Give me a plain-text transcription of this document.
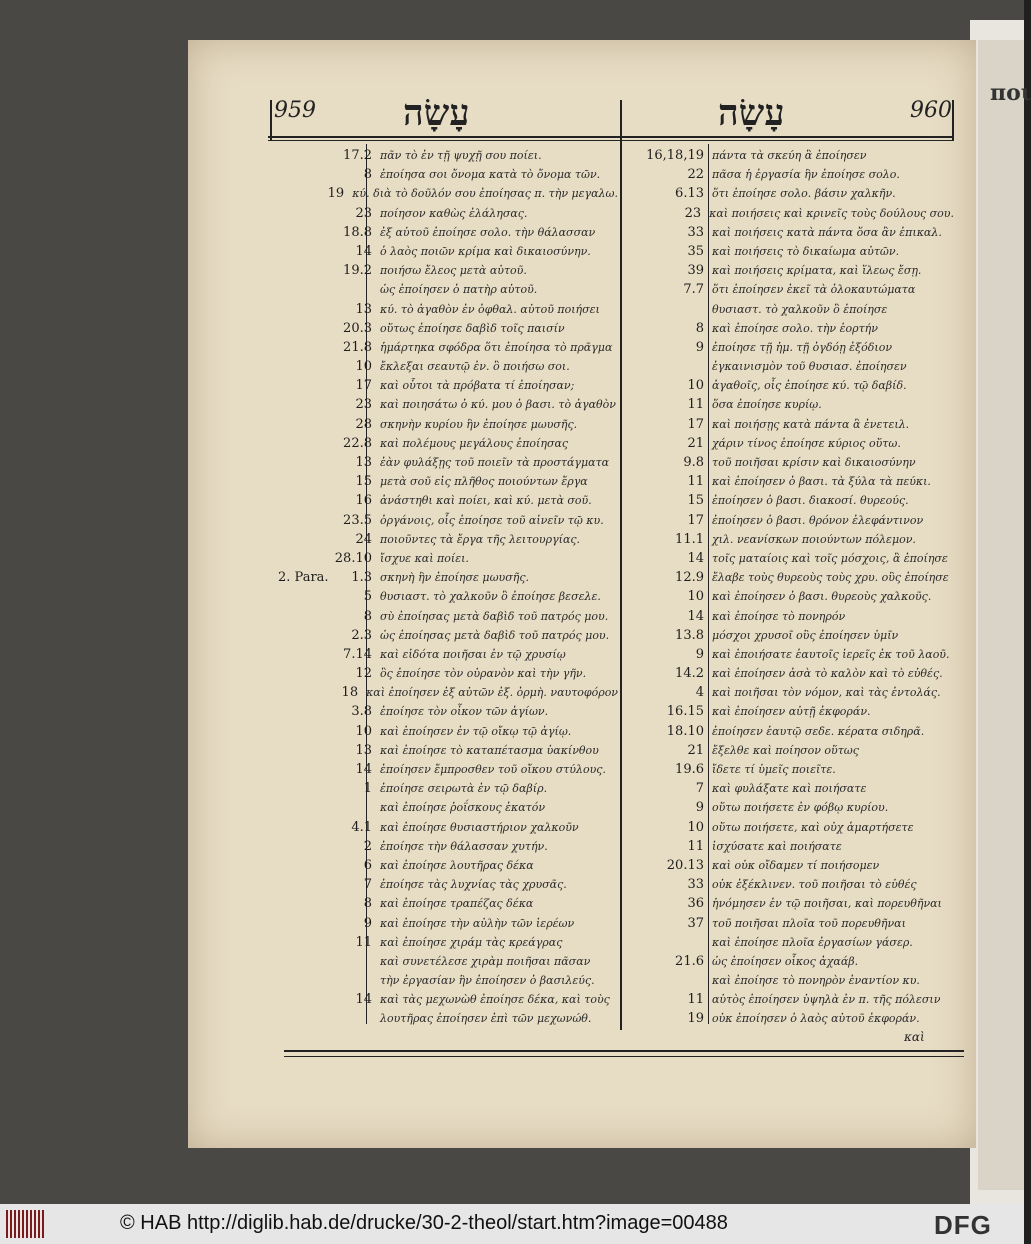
ποι
959 עָשָׂה	עָשָׂה	960
17.2 πᾶν τὸ ἐν τῇ ψυχῇ σου ποίει.
8 ἐποίησα σοι ὄνομα κατὰ τὸ ὄνομα τῶν.
19 κύ. διὰ τὸ δοῦλόν σου ἐποίησας π. τὴν μεγαλω.
23 ποίησον καθὼς ἐλάλησας.
18.8 ἐξ αὐτοῦ ἐποίησε σολο. τὴν θάλασσαν
14 ὁ λαὸς ποιῶν κρίμα καὶ δικαιοσύνην.
19.2 ποιήσω ἔλεος μετὰ αὐτοῦ.
ὡς ἐποίησεν ὁ πατὴρ αὐτοῦ.
13 κύ. τὸ ἀγαθὸν ἐν ὀφθαλ. αὐτοῦ ποιήσει
20.3 οὕτως ἐποίησε δαβὶδ τοῖς παισίν
21.8 ἡμάρτηκα σφόδρα ὅτι ἐποίησα τὸ πρᾶγμα
10 ἔκλεξαι σεαυτῷ ἐν. ὃ ποιήσω σοι.
17 καὶ οὗτοι τὰ πρόβατα τί ἐποίησαν;
23 καὶ ποιησάτω ὁ κύ. μου ὁ βασι. τὸ ἀγαθὸν
28 σκηνὴν κυρίου ἣν ἐποίησε μωυσῆς.
22.8 καὶ πολέμους μεγάλους ἐποίησας
13 ἐὰν φυλάξῃς τοῦ ποιεῖν τὰ προστάγματα
15 μετὰ σοῦ εἰς πλῆθος ποιούντων ἔργα
16 ἀνάστηθι καὶ ποίει, καὶ κύ. μετὰ σοῦ.
23.5 ὀργάνοις, οἷς ἐποίησε τοῦ αἰνεῖν τῷ κυ.
24 ποιοῦντες τὰ ἔργα τῆς λειτουργίας.
28.10 ἴσχυε καὶ ποίει.
2. Para.	1.3 σκηνὴ ἣν ἐποίησε μωυσῆς.
5 θυσιαστ. τὸ χαλκοῦν ὃ ἐποίησε βεσελε.
8 σὺ ἐποίησας μετὰ δαβὶδ τοῦ πατρός μου.
2.3 ὡς ἐποίησας μετὰ δαβὶδ τοῦ πατρός μου.
7.14 καὶ εἰδότα ποιῆσαι ἐν τῷ χρυσίῳ
12 ὃς ἐποίησε τὸν οὐρανὸν καὶ τὴν γῆν.
18 καὶ ἐποίησεν ἐξ αὐτῶν ἐξ. ὁρμὴ. ναυτοφόρον
3.8 ἐποίησε τὸν οἶκον τῶν ἁγίων.
10 καὶ ἐποίησεν ἐν τῷ οἴκῳ τῷ ἁγίῳ.
13 καὶ ἐποίησε τὸ καταπέτασμα ὑακίνθου
14 ἐποίησεν ἔμπροσθεν τοῦ οἴκου στύλους.
1 ἐποίησε σειρωτὰ ἐν τῷ δαβίρ.
καὶ ἐποίησε ῥοΐσκους ἑκατόν
4.1 καὶ ἐποίησε θυσιαστήριον χαλκοῦν
2 ἐποίησε τὴν θάλασσαν χυτήν.
6 καὶ ἐποίησε λουτῆρας δέκα
7 ἐποίησε τὰς λυχνίας τὰς χρυσᾶς.
8 καὶ ἐποίησε τραπέζας δέκα
9 καὶ ἐποίησε τὴν αὐλὴν τῶν ἱερέων
11 καὶ ἐποίησε χιράμ τὰς κρεάγρας
καὶ συνετέλεσε χιρὰμ ποιῆσαι πᾶσαν
τὴν ἐργασίαν ἣν ἐποίησεν ὁ βασιλεύς.
14 καὶ τὰς μεχωνὼθ ἐποίησε δέκα, καὶ τοὺς
λουτῆρας ἐποίησεν ἐπὶ τῶν μεχωνώθ.
16,18,19 πάντα τὰ σκεύη ἃ ἐποίησεν
22 πᾶσα ἡ ἐργασία ἣν ἐποίησε σολο.
6.13 ὅτι ἐποίησε σολο. βάσιν χαλκῆν.
23 καὶ ποιήσεις καὶ κρινεῖς τοὺς δούλους σου.
33 καὶ ποιήσεις κατὰ πάντα ὅσα ἂν ἐπικαλ.
35 καὶ ποιήσεις τὸ δικαίωμα αὐτῶν.
39 καὶ ποιήσεις κρίματα, καὶ ἵλεως ἔσῃ.
7.7 ὅτι ἐποίησεν ἐκεῖ τὰ ὁλοκαυτώματα
θυσιαστ. τὸ χαλκοῦν ὃ ἐποίησε
8 καὶ ἐποίησε σολο. τὴν ἑορτήν
9 ἐποίησε τῇ ἡμ. τῇ ὀγδόῃ ἐξόδιον
ἐγκαινισμὸν τοῦ θυσιασ. ἐποίησεν
10 ἀγαθοῖς, οἷς ἐποίησε κύ. τῷ δαβίδ.
11 ὅσα ἐποίησε κυρίῳ.
17 καὶ ποιήσῃς κατὰ πάντα ἃ ἐνετειλ.
21 χάριν τίνος ἐποίησε κύριος οὕτω.
9.8 τοῦ ποιῆσαι κρίσιν καὶ δικαιοσύνην
11 καὶ ἐποίησεν ὁ βασι. τὰ ξύλα τὰ πεύκι.
15 ἐποίησεν ὁ βασι. διακοσί. θυρεούς.
17 ἐποίησεν ὁ βασι. θρόνον ἐλεφάντινον
11.1 χιλ. νεανίσκων ποιούντων πόλεμον.
14 τοῖς ματαίοις καὶ τοῖς μόσχοις, ἃ ἐποίησε
12.9 ἔλαβε τοὺς θυρεοὺς τοὺς χρυ. οὓς ἐποίησε
10 καὶ ἐποίησεν ὁ βασι. θυρεοὺς χαλκοῦς.
14 καὶ ἐποίησε τὸ πονηρόν
13.8 μόσχοι χρυσοῖ οὓς ἐποίησεν ὑμῖν
9 καὶ ἐποιήσατε ἑαυτοῖς ἱερεῖς ἐκ τοῦ λαοῦ.
14.2 καὶ ἐποίησεν ἀσὰ τὸ καλὸν καὶ τὸ εὐθές.
4 καὶ ποιῆσαι τὸν νόμον, καὶ τὰς ἐντολάς.
16.15 καὶ ἐποίησεν αὐτῇ ἐκφοράν.
18.10 ἐποίησεν ἑαυτῷ σεδε. κέρατα σιδηρᾶ.
21 ἔξελθε καὶ ποίησον οὕτως
19.6 ἴδετε τί ὑμεῖς ποιεῖτε.
7 καὶ φυλάξατε καὶ ποιήσατε
9 οὕτω ποιήσετε ἐν φόβῳ κυρίου.
10 οὕτω ποιήσετε, καὶ οὐχ ἁμαρτήσετε
11 ἰσχύσατε καὶ ποιήσατε
20.13 καὶ οὐκ οἴδαμεν τί ποιήσομεν
33 οὐκ ἐξέκλινεν. τοῦ ποιῆσαι τὸ εὐθές
36 ἠνόμησεν ἐν τῷ ποιῆσαι, καὶ πορευθῆναι
37 τοῦ ποιῆσαι πλοῖα τοῦ πορευθῆναι
καὶ ἐποίησε πλοῖα ἐργασίων γάσερ.
21.6 ὡς ἐποίησεν οἶκος ἀχαάβ.
καὶ ἐποίησε τὸ πονηρὸν ἐναντίον κυ.
11 αὐτὸς ἐποίησεν ὑψηλὰ ἐν π. τῆς πόλεσιν
19 οὐκ ἐποίησεν ὁ λαὸς αὐτοῦ ἐκφοράν.
καὶ
© HAB http://diglib.hab.de/drucke/30-2-theol/start.htm?image=00488	DFG
